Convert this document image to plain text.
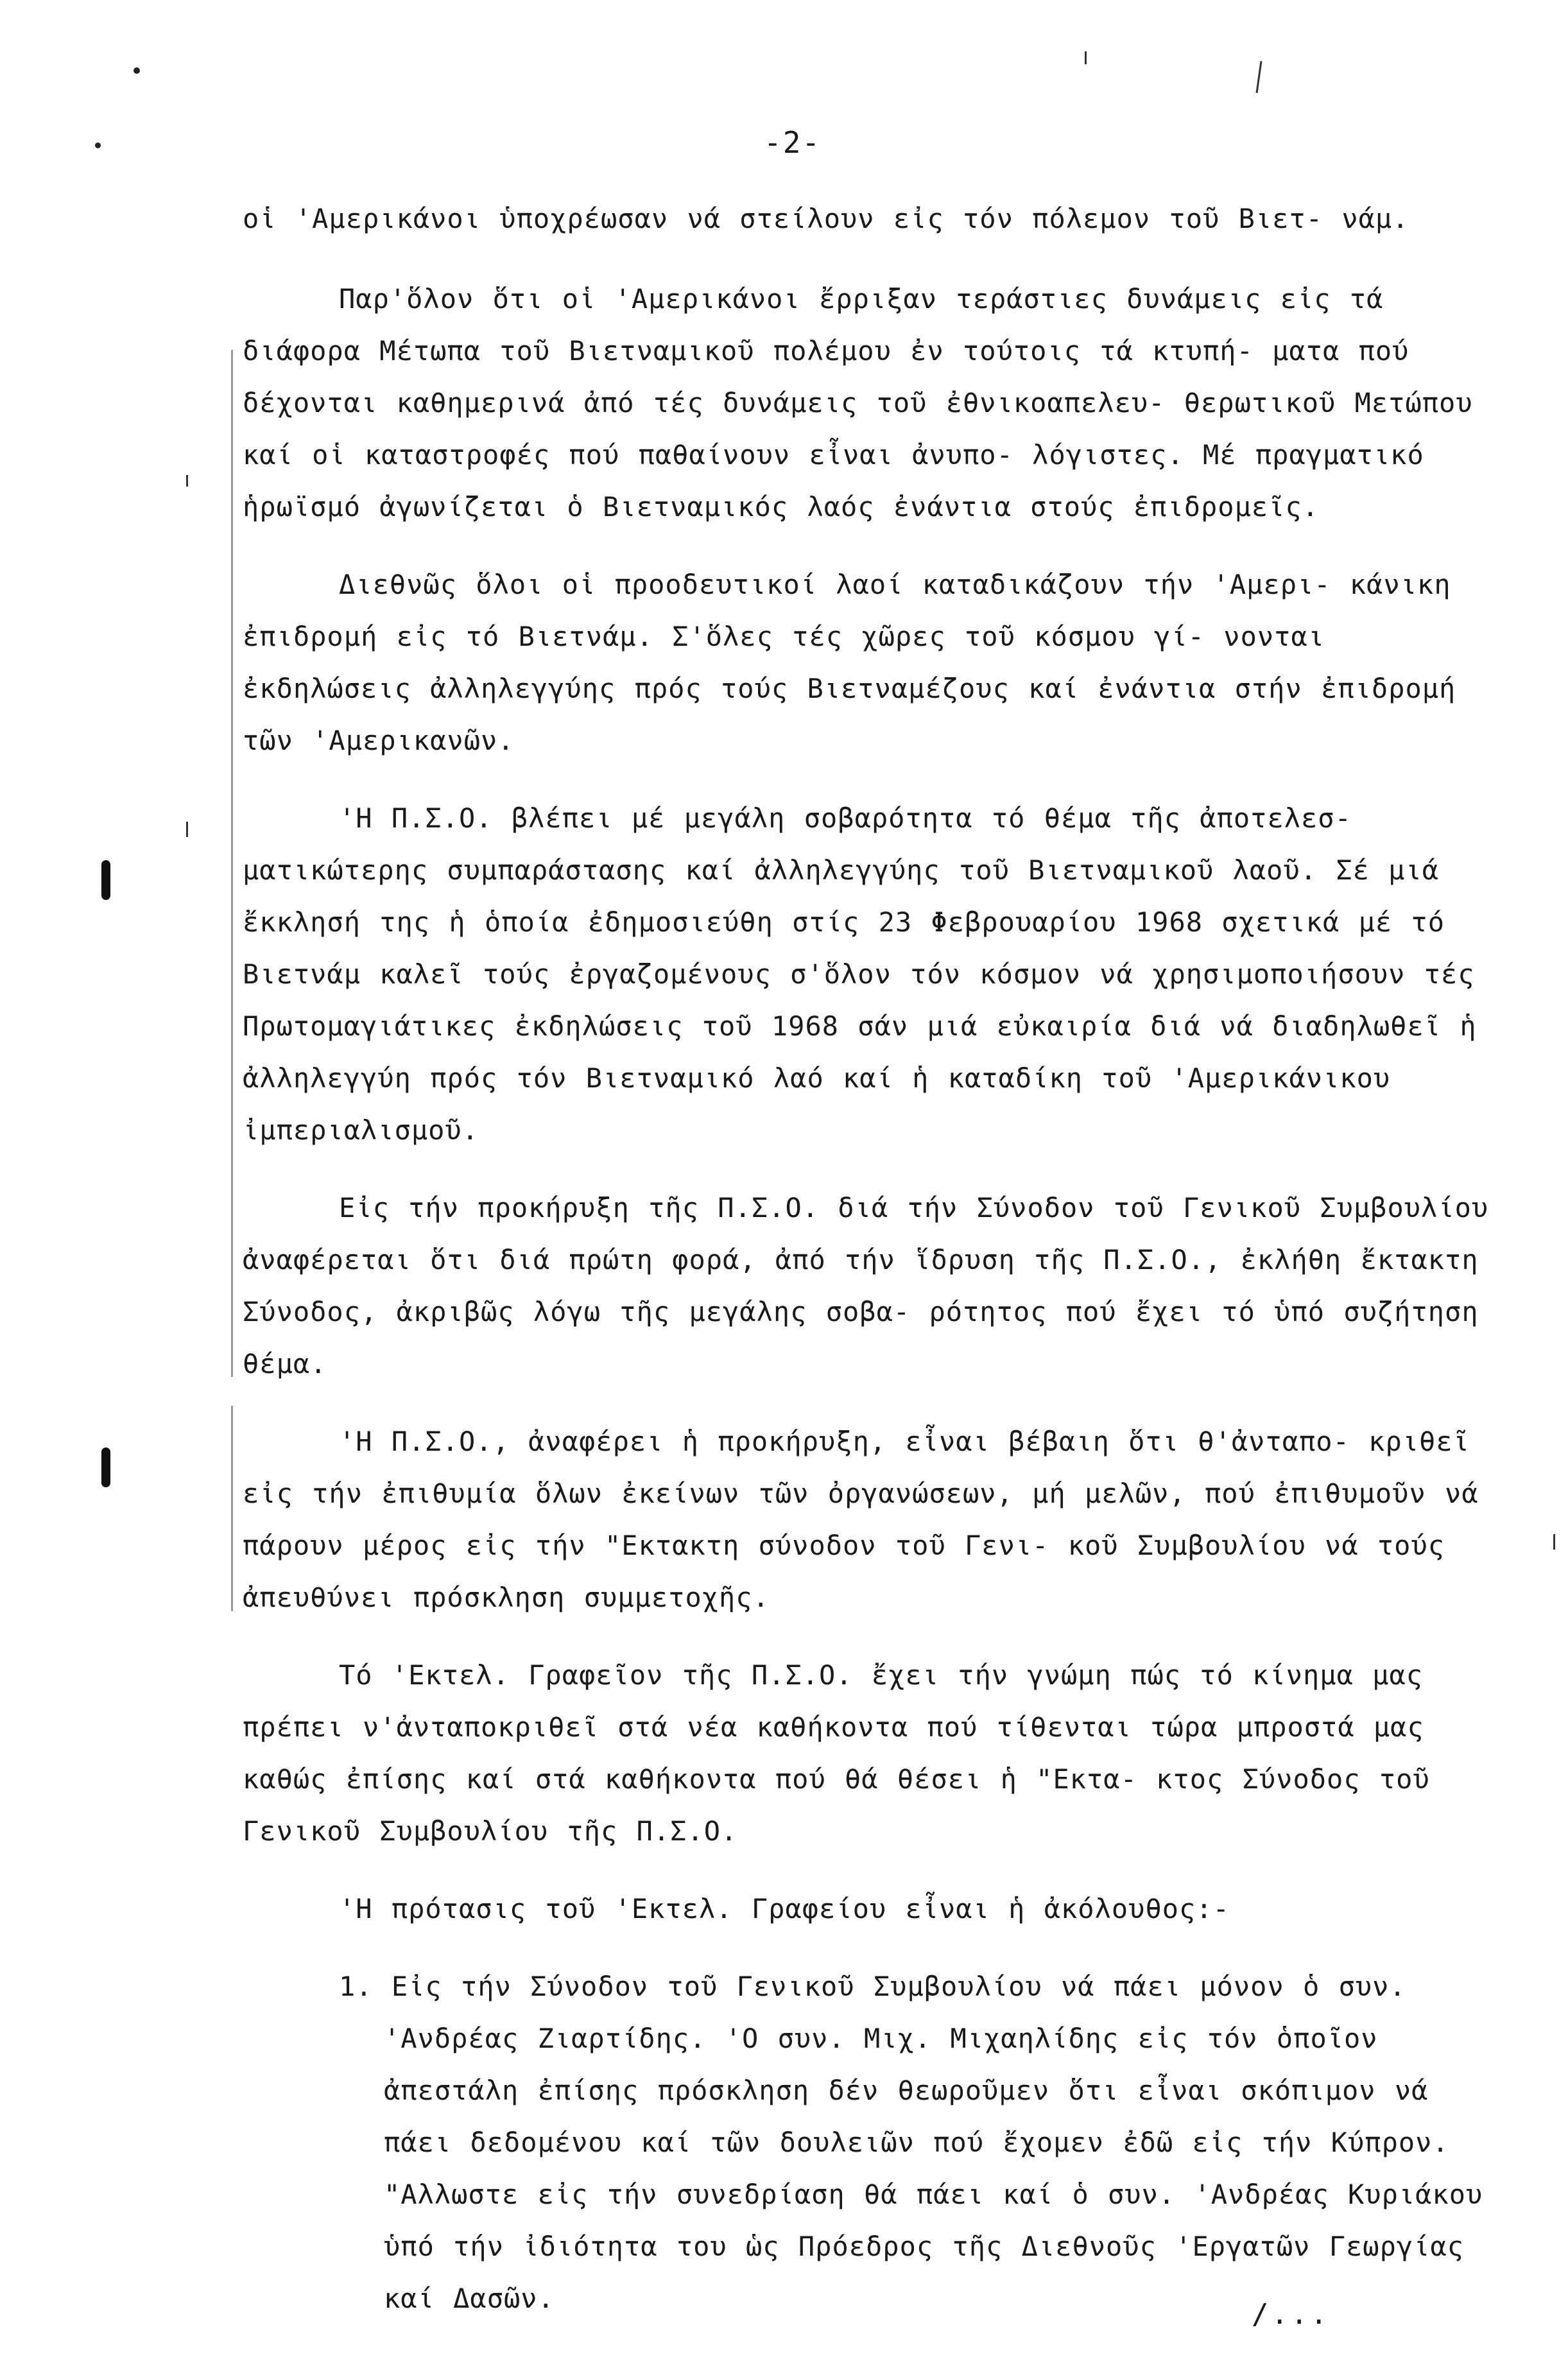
-2-

οἱ 'Αμερικάνοι ὑποχρέωσαν νά στείλουν εἰς τόν πόλεμον τοῦ Βιετ- νάμ.

Παρ'ὅλον ὅτι οἱ 'Αμερικάνοι ἔρριξαν τεράστιες δυνάμεις εἰς τά διάφορα Μέτωπα τοῦ Βιετναμικοῦ πολέμου ἐν τούτοις τά κτυπή- ματα πού δέχονται καθημερινά ἀπό τές δυνάμεις τοῦ ἐθνικοαπελευ- θερωτικοῦ Μετώπου καί οἱ καταστροφές πού παθαίνουν εἶναι ἀνυπο- λόγιστες. Μέ πραγματικό ἡρωϊσμό ἀγωνίζεται ὁ Βιετναμικός λαός ἐνάντια στούς ἐπιδρομεῖς.

Διεθνῶς ὅλοι οἱ προοδευτικοί λαοί καταδικάζουν τήν 'Αμερι- κάνικη ἐπιδρομή εἰς τό Βιετνάμ. Σ'ὅλες τές χῶρες τοῦ κόσμου γί- νονται ἐκδηλώσεις ἀλληλεγγύης πρός τούς Βιετναμέζους καί ἐνάντια στήν ἐπιδρομή τῶν 'Αμερικανῶν.

'Η Π.Σ.Ο. βλέπει μέ μεγάλη σοβαρότητα τό θέμα τῆς ἀποτελεσ- ματικώτερης συμπαράστασης καί ἀλληλεγγύης τοῦ Βιετναμικοῦ λαοῦ. Σέ μιά ἔκκλησή της ἡ ὁποία ἐδημοσιεύθη στίς 23 Φεβρουαρίου 1968 σχετικά μέ τό Βιετνάμ καλεῖ τούς ἐργαζομένους σ'ὅλον τόν κόσμον νά χρησιμοποιήσουν τές Πρωτομαγιάτικες ἐκδηλώσεις τοῦ 1968 σάν μιά εὐκαιρία διά νά διαδηλωθεῖ ἡ ἀλληλεγγύη πρός τόν Βιετναμικό λαό καί ἡ καταδίκη τοῦ 'Αμερικάνικου ἰμπεριαλισμοῦ.

Εἰς τήν προκήρυξη τῆς Π.Σ.Ο. διά τήν Σύνοδον τοῦ Γενικοῦ Συμβουλίου ἀναφέρεται ὅτι διά πρώτη φορά, ἀπό τήν ἵδρυση τῆς Π.Σ.Ο., ἐκλήθη ἔκτακτη Σύνοδος, ἀκριβῶς λόγω τῆς μεγάλης σοβα- ρότητος πού ἔχει τό ὑπό συζήτηση θέμα.

'Η Π.Σ.Ο., ἀναφέρει ἡ προκήρυξη, εἶναι βέβαιη ὅτι θ'ἀνταπο- κριθεῖ εἰς τήν ἐπιθυμία ὅλων ἐκείνων τῶν ὀργανώσεων, μή μελῶν, πού ἐπιθυμοῦν νά πάρουν μέρος εἰς τήν "Εκτακτη σύνοδον τοῦ Γενι- κοῦ Συμβουλίου νά τούς ἀπευθύνει πρόσκληση συμμετοχῆς.

Τό 'Εκτελ. Γραφεῖον τῆς Π.Σ.Ο. ἔχει τήν γνώμη πώς τό κίνημα μας πρέπει ν'ἀνταποκριθεῖ στά νέα καθήκοντα πού τίθενται τώρα μπροστά μας καθώς ἐπίσης καί στά καθήκοντα πού θά θέσει ἡ "Εκτα- κτος Σύνοδος τοῦ Γενικοῦ Συμβουλίου τῆς Π.Σ.Ο.

'Η πρότασις τοῦ 'Εκτελ. Γραφείου εἶναι ἡ ἀκόλουθος:-

1. Εἰς τήν Σύνοδον τοῦ Γενικοῦ Συμβουλίου νά πάει μόνον ὁ συν. 'Ανδρέας Ζιαρτίδης. 'Ο συν. Μιχ. Μιχαηλίδης εἰς τόν ὁποῖον ἀπεστάλη ἐπίσης πρόσκληση δέν θεωροῦμεν ὅτι εἶναι σκόπιμον νά πάει δεδομένου καί τῶν δουλειῶν πού ἔχομεν ἐδῶ εἰς τήν Κύπρον. "Αλλωστε εἰς τήν συνεδρίαση θά πάει καί ὁ συν. 'Ανδρέας Κυριάκου ὑπό τήν ἰδιότητα του ὡς Πρόεδρος τῆς Διεθνοῦς 'Εργατῶν Γεωργίας καί Δασῶν.	/...
